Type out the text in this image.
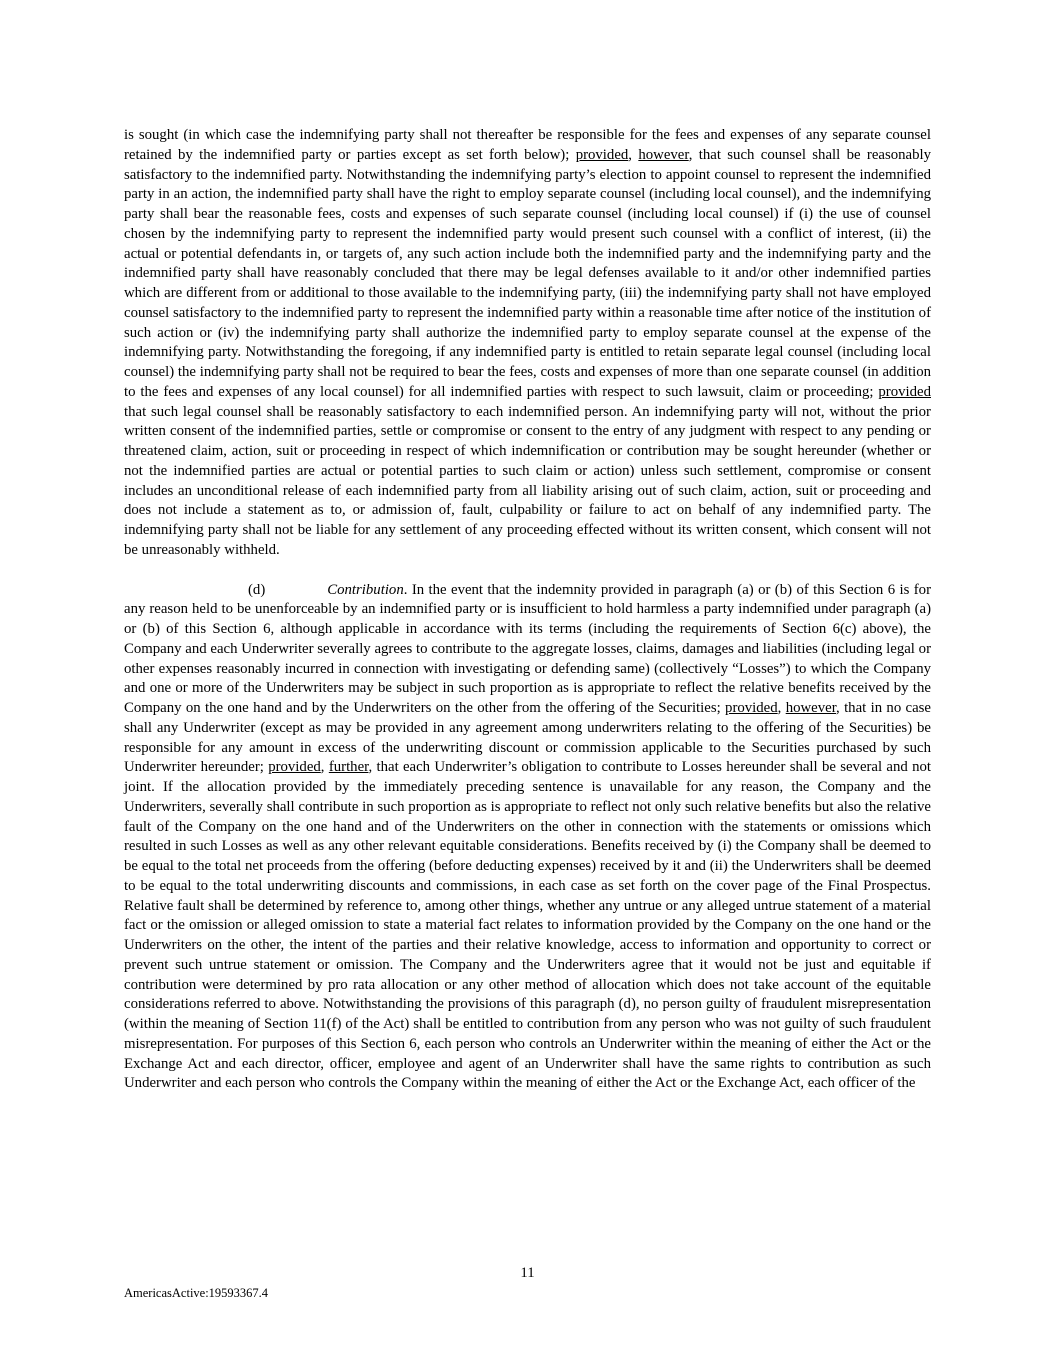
is sought (in which case the indemnifying party shall not thereafter be responsible for the fees and expenses of any separate counsel retained by the indemnified party or parties except as set forth below); provided, however, that such counsel shall be reasonably satisfactory to the indemnified party. Notwithstanding the indemnifying party’s election to appoint counsel to represent the indemnified party in an action, the indemnified party shall have the right to employ separate counsel (including local counsel), and the indemnifying party shall bear the reasonable fees, costs and expenses of such separate counsel (including local counsel) if (i) the use of counsel chosen by the indemnifying party to represent the indemnified party would present such counsel with a conflict of interest, (ii) the actual or potential defendants in, or targets of, any such action include both the indemnified party and the indemnifying party and the indemnified party shall have reasonably concluded that there may be legal defenses available to it and/or other indemnified parties which are different from or additional to those available to the indemnifying party, (iii) the indemnifying party shall not have employed counsel satisfactory to the indemnified party to represent the indemnified party within a reasonable time after notice of the institution of such action or (iv) the indemnifying party shall authorize the indemnified party to employ separate counsel at the expense of the indemnifying party. Notwithstanding the foregoing, if any indemnified party is entitled to retain separate legal counsel (including local counsel) the indemnifying party shall not be required to bear the fees, costs and expenses of more than one separate counsel (in addition to the fees and expenses of any local counsel) for all indemnified parties with respect to such lawsuit, claim or proceeding; provided that such legal counsel shall be reasonably satisfactory to each indemnified person. An indemnifying party will not, without the prior written consent of the indemnified parties, settle or compromise or consent to the entry of any judgment with respect to any pending or threatened claim, action, suit or proceeding in respect of which indemnification or contribution may be sought hereunder (whether or not the indemnified parties are actual or potential parties to such claim or action) unless such settlement, compromise or consent includes an unconditional release of each indemnified party from all liability arising out of such claim, action, suit or proceeding and does not include a statement as to, or admission of, fault, culpability or failure to act on behalf of any indemnified party. The indemnifying party shall not be liable for any settlement of any proceeding effected without its written consent, which consent will not be unreasonably withheld.

(d)	Contribution. In the event that the indemnity provided in paragraph (a) or (b) of this Section 6 is for any reason held to be unenforceable by an indemnified party or is insufficient to hold harmless a party indemnified under paragraph (a) or (b) of this Section 6, although applicable in accordance with its terms (including the requirements of Section 6(c) above), the Company and each Underwriter severally agrees to contribute to the aggregate losses, claims, damages and liabilities (including legal or other expenses reasonably incurred in connection with investigating or defending same) (collectively “Losses”) to which the Company and one or more of the Underwriters may be subject in such proportion as is appropriate to reflect the relative benefits received by the Company on the one hand and by the Underwriters on the other from the offering of the Securities; provided, however, that in no case shall any Underwriter (except as may be provided in any agreement among underwriters relating to the offering of the Securities) be responsible for any amount in excess of the underwriting discount or commission applicable to the Securities purchased by such Underwriter hereunder; provided, further, that each Underwriter’s obligation to contribute to Losses hereunder shall be several and not joint. If the allocation provided by the immediately preceding sentence is unavailable for any reason, the Company and the Underwriters, severally shall contribute in such proportion as is appropriate to reflect not only such relative benefits but also the relative fault of the Company on the one hand and of the Underwriters on the other in connection with the statements or omissions which resulted in such Losses as well as any other relevant equitable considerations. Benefits received by (i) the Company shall be deemed to be equal to the total net proceeds from the offering (before deducting expenses) received by it and (ii) the Underwriters shall be deemed to be equal to the total underwriting discounts and commissions, in each case as set forth on the cover page of the Final Prospectus. Relative fault shall be determined by reference to, among other things, whether any untrue or any alleged untrue statement of a material fact or the omission or alleged omission to state a material fact relates to information provided by the Company on the one hand or the Underwriters on the other, the intent of the parties and their relative knowledge, access to information and opportunity to correct or prevent such untrue statement or omission. The Company and the Underwriters agree that it would not be just and equitable if contribution were determined by pro rata allocation or any other method of allocation which does not take account of the equitable considerations referred to above. Notwithstanding the provisions of this paragraph (d), no person guilty of fraudulent misrepresentation (within the meaning of Section 11(f) of the Act) shall be entitled to contribution from any person who was not guilty of such fraudulent misrepresentation. For purposes of this Section 6, each person who controls an Underwriter within the meaning of either the Act or the Exchange Act and each director, officer, employee and agent of an Underwriter shall have the same rights to contribution as such Underwriter and each person who controls the Company within the meaning of either the Act or the Exchange Act, each officer of the

11
AmericasActive:19593367.4
